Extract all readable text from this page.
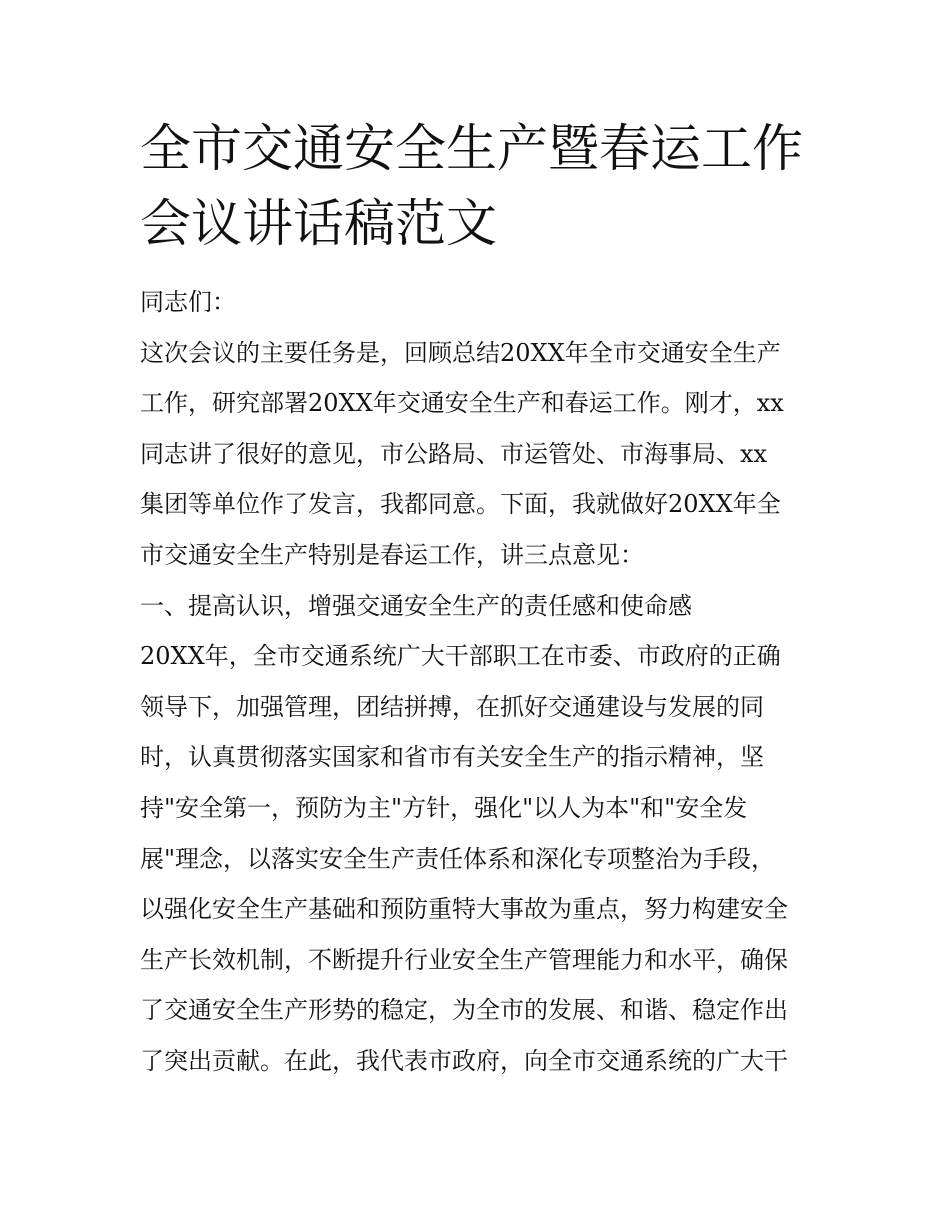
全市交通安全生产暨春运工作
会议讲话稿范文
同志们：
这次会议的主要任务是，回顾总结20XX年全市交通安全生产
工作，研究部署20XX年交通安全生产和春运工作。刚才，xx
同志讲了很好的意见，市公路局、市运管处、市海事局、xx
集团等单位作了发言，我都同意。下面，我就做好20XX年全
市交通安全生产特别是春运工作，讲三点意见：
一、提高认识，增强交通安全生产的责任感和使命感
20XX年，全市交通系统广大干部职工在市委、市政府的正确
领导下，加强管理，团结拼搏，在抓好交通建设与发展的同
时，认真贯彻落实国家和省市有关安全生产的指示精神，坚
持"安全第一，预防为主"方针，强化"以人为本"和"安全发
展"理念，以落实安全生产责任体系和深化专项整治为手段，
以强化安全生产基础和预防重特大事故为重点，努力构建安全
生产长效机制，不断提升行业安全生产管理能力和水平，确保
了交通安全生产形势的稳定，为全市的发展、和谐、稳定作出
了突出贡献。在此，我代表市政府，向全市交通系统的广大干
